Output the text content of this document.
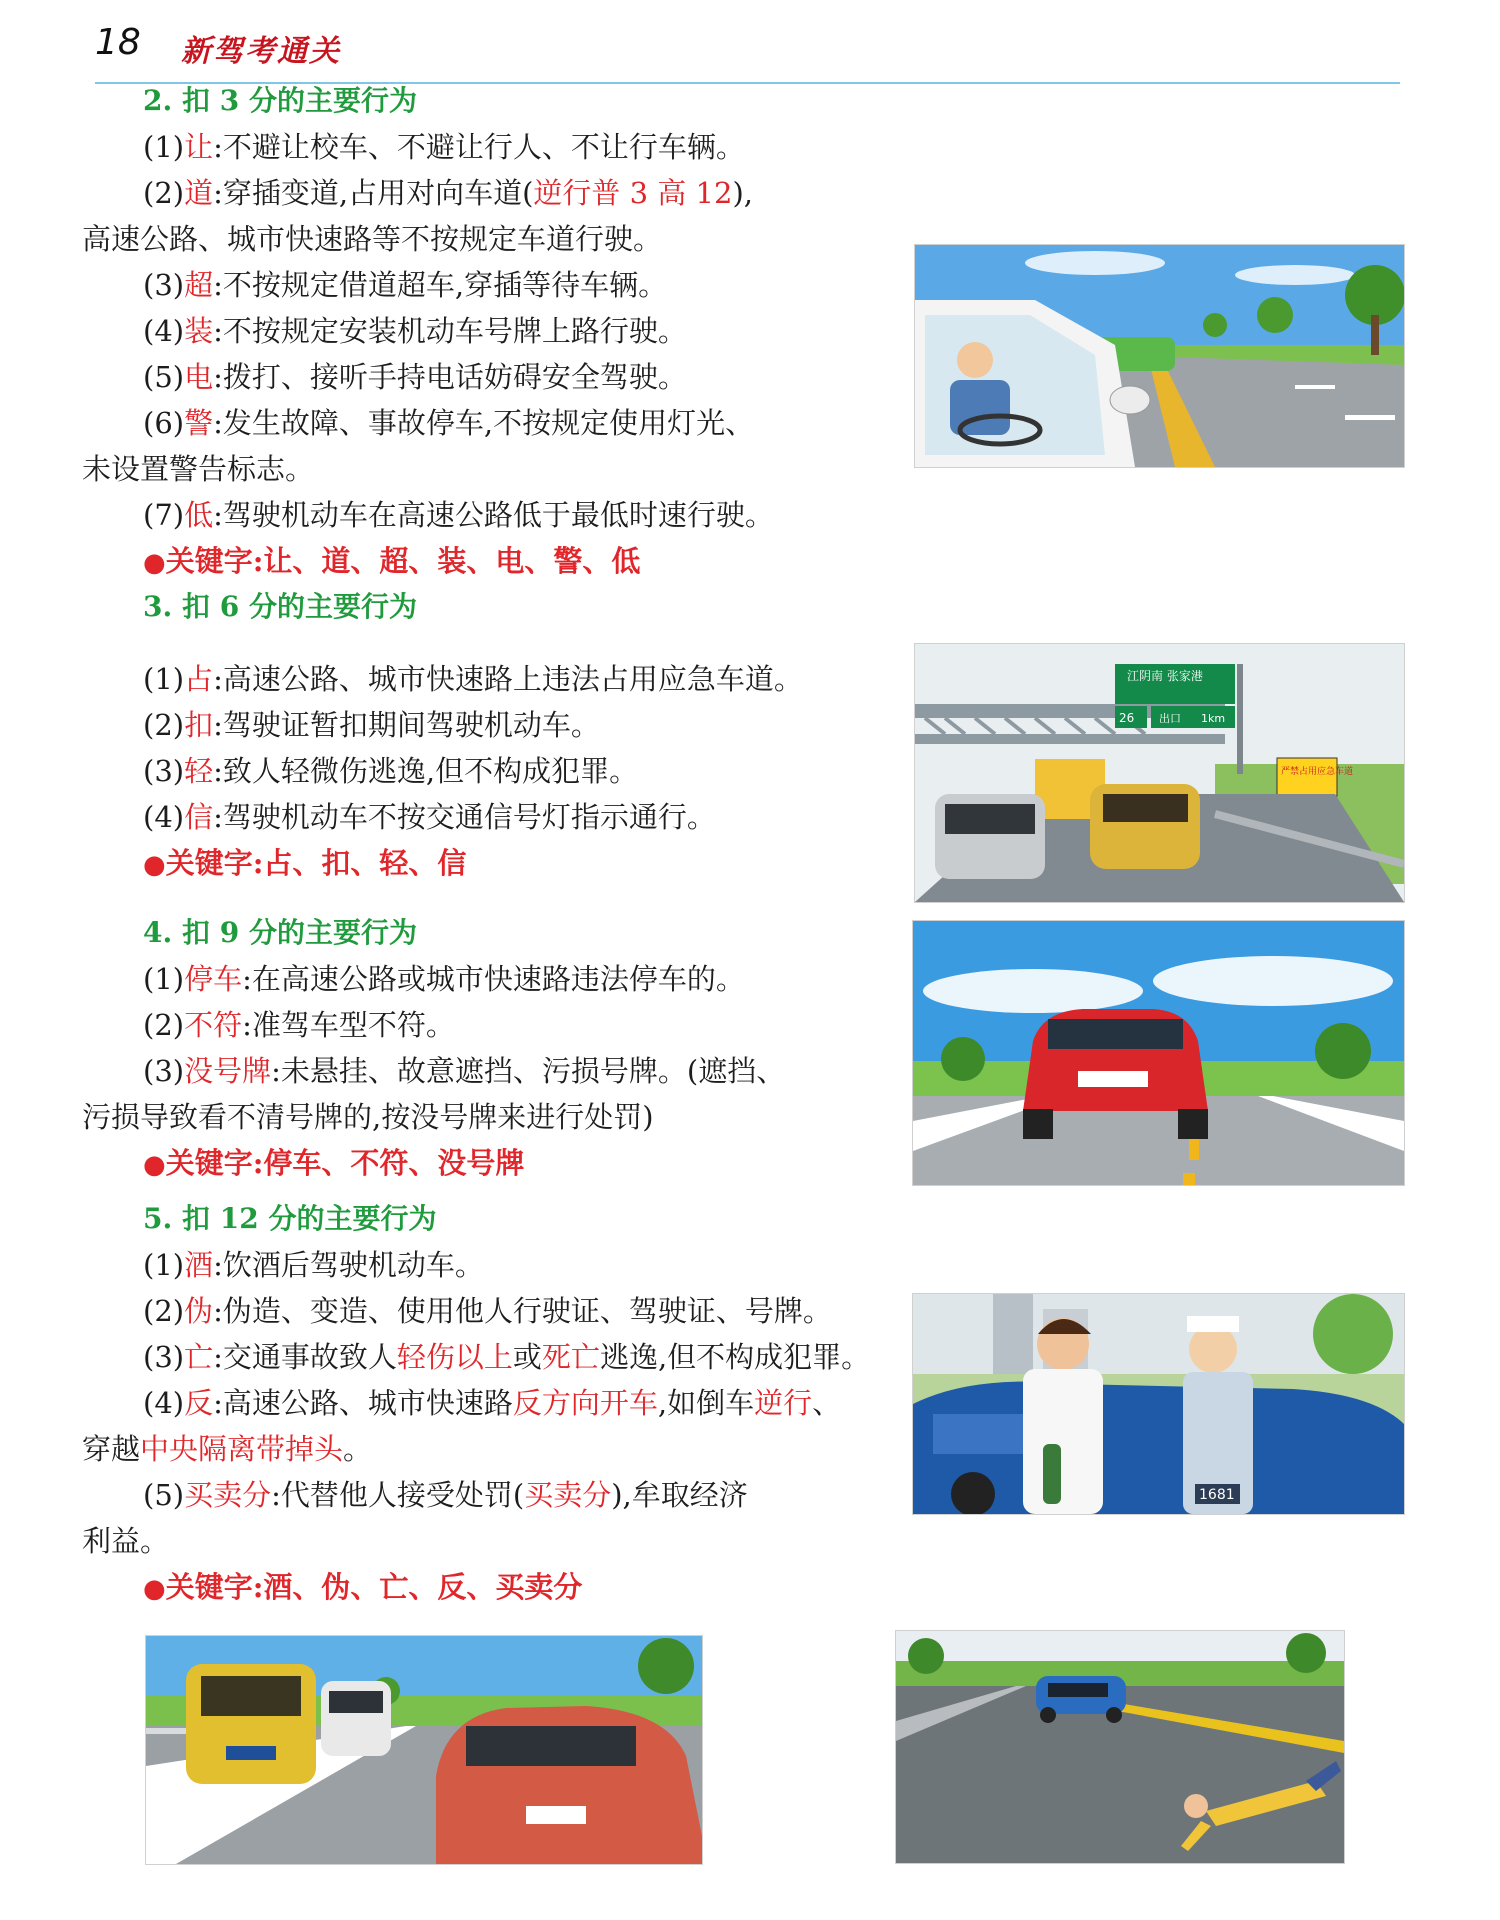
18 新驾考通关
2. 扣 3 分的主要行为
(1)让:不避让校车、不避让行人、不让行车辆。
(2)道:穿插变道,占用对向车道(逆行普 3 高 12),
高速公路、城市快速路等不按规定车道行驶。
(3)超:不按规定借道超车,穿插等待车辆。
(4)装:不按规定安装机动车号牌上路行驶。
(5)电:拨打、接听手持电话妨碍安全驾驶。
(6)警:发生故障、事故停车,不按规定使用灯光、
未设置警告标志。
(7)低:驾驶机动车在高速公路低于最低时速行驶。
●关键字:让、道、超、装、电、警、低
3. 扣 6 分的主要行为
(1)占:高速公路、城市快速路上违法占用应急车道。
(2)扣:驾驶证暂扣期间驾驶机动车。
(3)轻:致人轻微伤逃逸,但不构成犯罪。
(4)信:驾驶机动车不按交通信号灯指示通行。
●关键字:占、扣、轻、信
4. 扣 9 分的主要行为
(1)停车:在高速公路或城市快速路违法停车的。
(2)不符:准驾车型不符。
(3)没号牌:未悬挂、故意遮挡、污损号牌。(遮挡、
污损导致看不清号牌的,按没号牌来进行处罚)
●关键字:停车、不符、没号牌
5. 扣 12 分的主要行为
(1)酒:饮酒后驾驶机动车。
(2)伪:伪造、变造、使用他人行驶证、驾驶证、号牌。
(3)亡:交通事故致人轻伤以上或死亡逃逸,但不构成犯罪。
(4)反:高速公路、城市快速路反方向开车,如倒车逆行、
穿越中央隔离带掉头。
(5)买卖分:代替他人接受处罚(买卖分),牟取经济
利益。
●关键字:酒、伪、亡、反、买卖分
江阴南 张家港
26 出口 1km
严禁占用应急车道
1681
